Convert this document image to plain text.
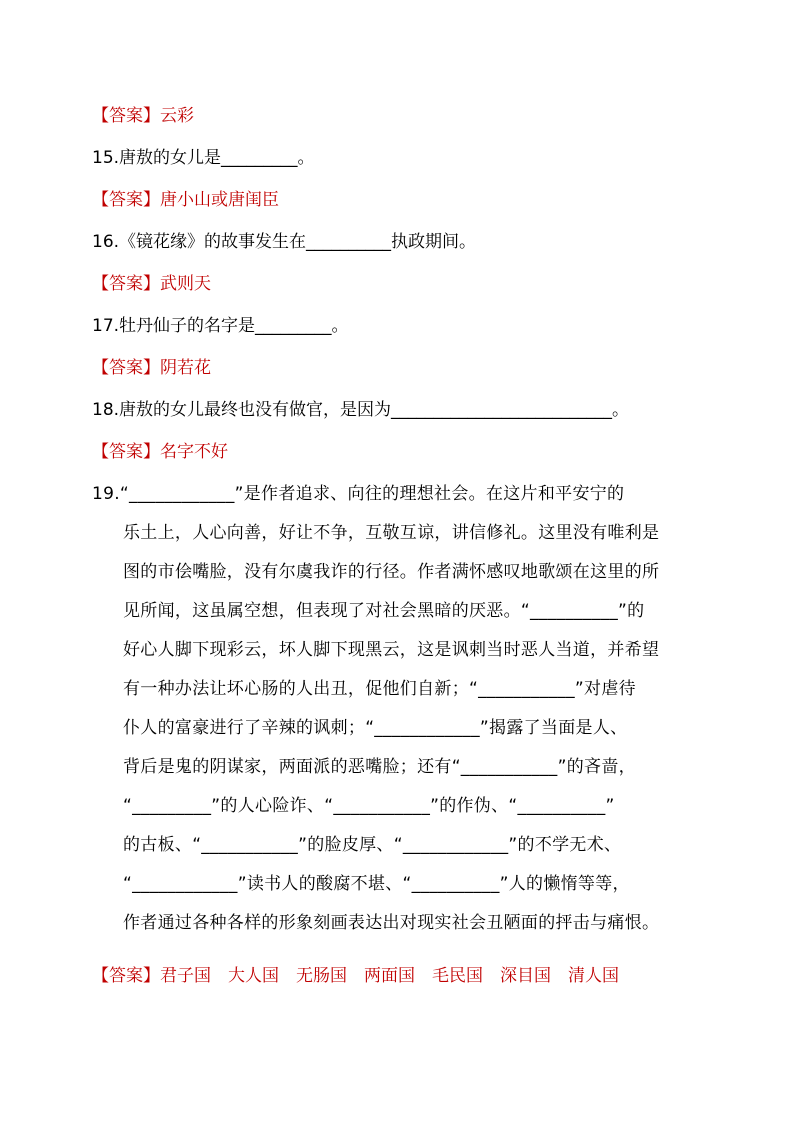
【答案】云彩
15.唐敖的女儿是_________。
【答案】唐小山或唐闺臣
16.《镜花缘》的故事发生在__________执政期间。
【答案】武则天
17.牡丹仙子的名字是_________。
【答案】阴若花
18.唐敖的女儿最终也没有做官，是因为__________________________。
【答案】名字不好
19.“____________”是作者追求、向往的理想社会。在这片和平安宁的
乐土上，人心向善，好让不争，互敬互谅，讲信修礼。这里没有唯利是
图的市侩嘴脸，没有尔虞我诈的行径。作者满怀感叹地歌颂在这里的所
见所闻，这虽属空想，但表现了对社会黑暗的厌恶。“__________”的
好心人脚下现彩云，坏人脚下现黑云，这是讽刺当时恶人当道，并希望
有一种办法让坏心肠的人出丑，促他们自新；“___________”对虐待
仆人的富豪进行了辛辣的讽刺；“____________”揭露了当面是人、
背后是鬼的阴谋家，两面派的恶嘴脸；还有“___________”的吝啬，
“_________”的人心险诈、“___________”的作伪、“__________”
的古板、“___________”的脸皮厚、“____________”的不学无术、
“____________”读书人的酸腐不堪、“__________”人的懒惰等等，
作者通过各种各样的形象刻画表达出对现实社会丑陋面的抨击与痛恨。
【答案】君子国　大人国　无肠国　两面国　毛民国　深目国　清人国
